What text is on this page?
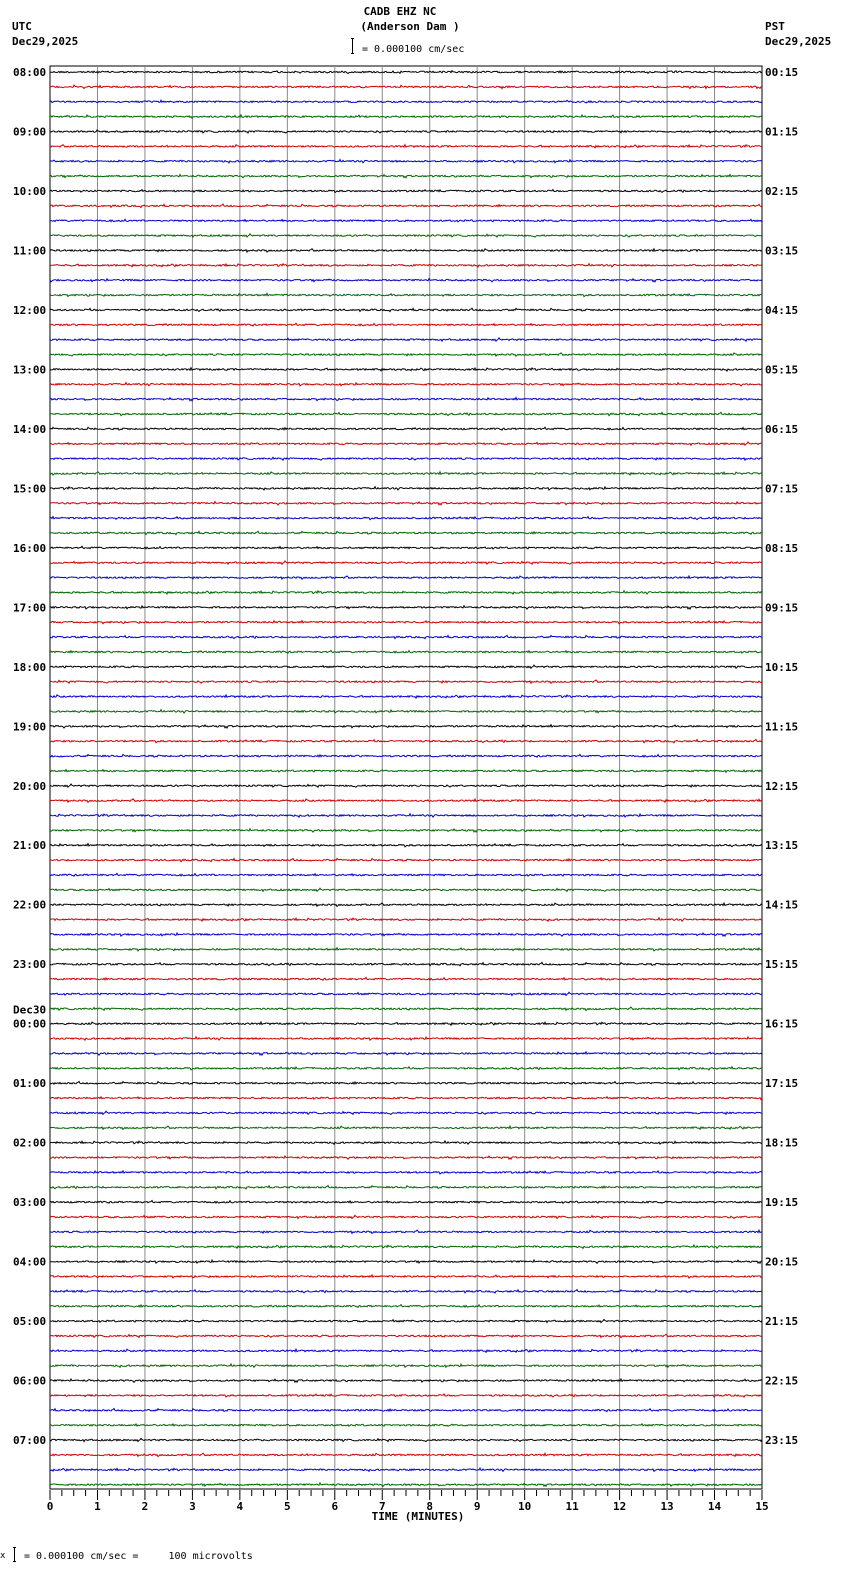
UTC
Dec29,2025
PST
Dec29,2025
CADB EHZ NC
(Anderson Dam )
= 0.000100 cm/sec
08:00	00:15
09:00	01:15
10:00	02:15
11:00	03:15
12:00	04:15
13:00	05:15
14:00	06:15
15:00	07:15
16:00	08:15
17:00	09:15
18:00	10:15
19:00	11:15
20:00	12:15
21:00	13:15
22:00	14:15
23:00	15:15
00:00	16:15
01:00	17:15
02:00	18:15
03:00	19:15
04:00	20:15
05:00	21:15
06:00	22:15
07:00	23:15
Dec30
0	1	2	3	4	5	6	7	8	9	10	11	12	13	14	15
TIME (MINUTES)
x = 0.000100 cm/sec =     100 microvolts
